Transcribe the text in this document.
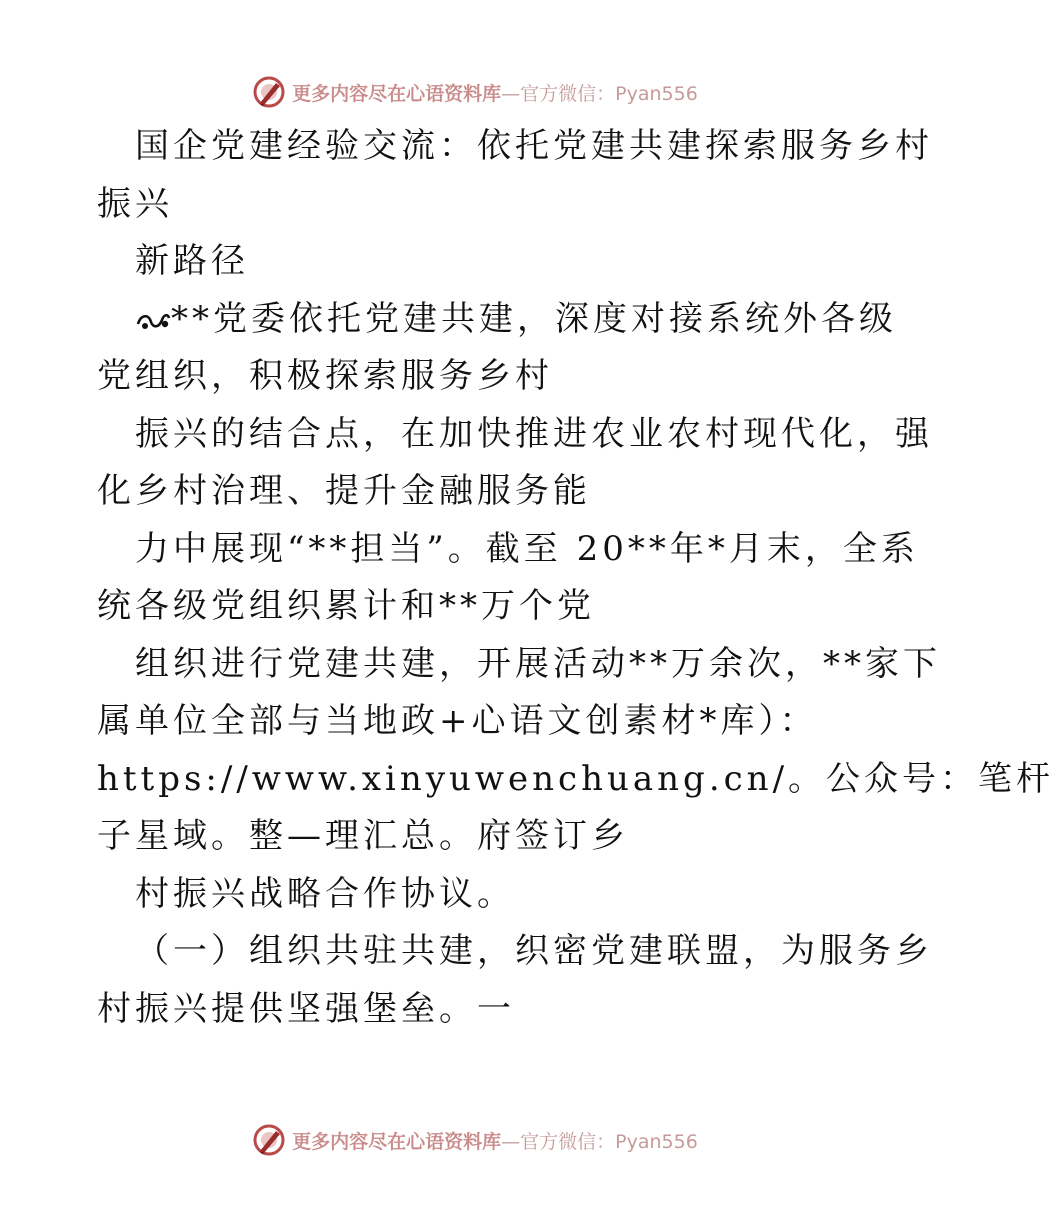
更多内容尽在心语资料库—官方微信：Pyan556
国企党建经验交流：依托党建共建探索服务乡村
振兴
新路径
**党委依托党建共建，深度对接系统外各级
党组织，积极探索服务乡村
振兴的结合点，在加快推进农业农村现代化，强
化乡村治理、提升金融服务能
力中展现“**担当”。截至 20**年*月末，全系
统各级党组织累计和**万个党
组织进行党建共建，开展活动**万余次，**家下
属单位全部与当地政+心语文创素材*库）：
https://www.xinyuwenchuang.cn/。公众号：笔杆
子星域。整—理汇总。府签订乡
村振兴战略合作协议。
（一）组织共驻共建，织密党建联盟，为服务乡
村振兴提供坚强堡垒。一
更多内容尽在心语资料库—官方微信：Pyan556
